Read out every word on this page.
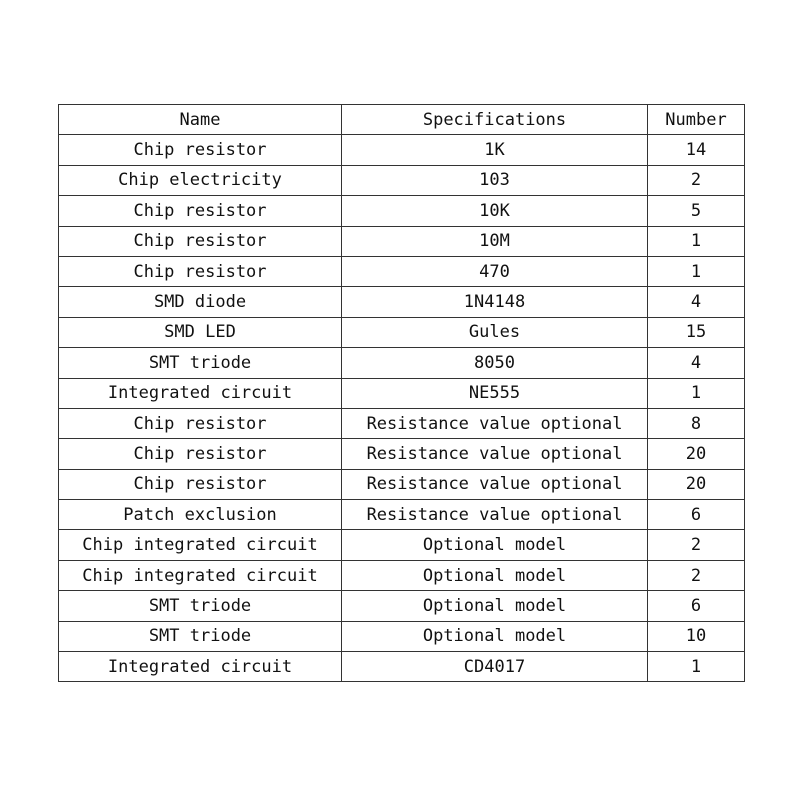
Name	Specifications	Number
Chip resistor	1K	14
Chip electricity	103	2
Chip resistor	10K	5
Chip resistor	10M	1
Chip resistor	470	1
SMD diode	1N4148	4
SMD LED	Gules	15
SMT triode	8050	4
Integrated circuit	NE555	1
Chip resistor	Resistance value optional	8
Chip resistor	Resistance value optional	20
Chip resistor	Resistance value optional	20
Patch exclusion	Resistance value optional	6
Chip integrated circuit	Optional model	2
Chip integrated circuit	Optional model	2
SMT triode	Optional model	6
SMT triode	Optional model	10
Integrated circuit	CD4017	1
